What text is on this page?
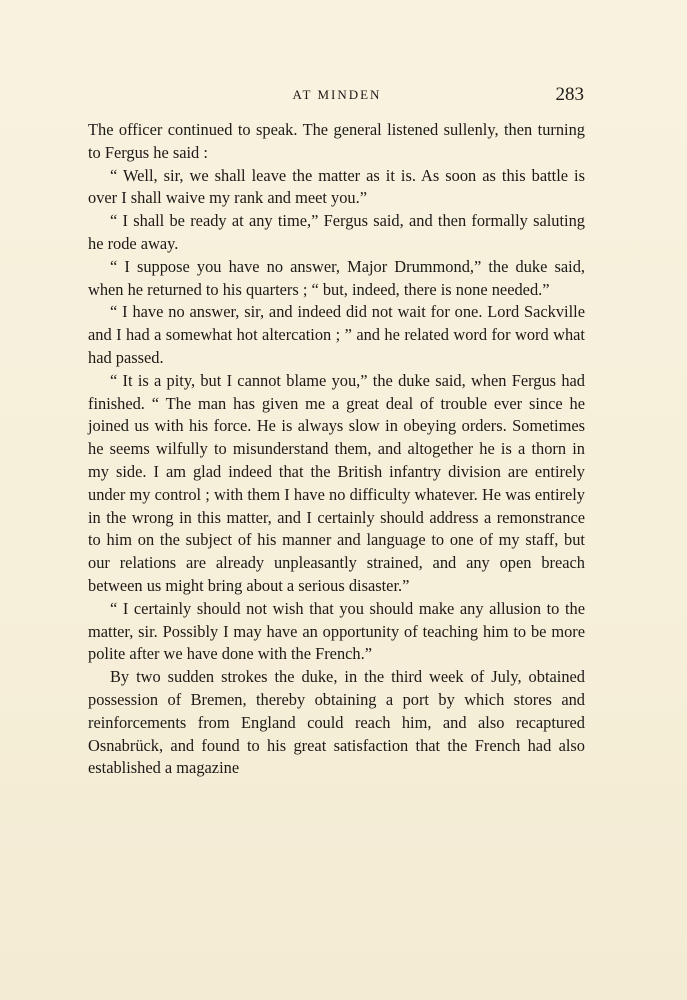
AT MINDEN	283

The officer continued to speak. The general listened sullenly, then turning to Fergus he said :

“ Well, sir, we shall leave the matter as it is. As soon as this battle is over I shall waive my rank and meet you.”

“ I shall be ready at any time,” Fergus said, and then formally saluting he rode away.

“ I suppose you have no answer, Major Drummond,” the duke said, when he returned to his quarters ; “ but, indeed, there is none needed.”

“ I have no answer, sir, and indeed did not wait for one. Lord Sackville and I had a somewhat hot altercation ; ” and he related word for word what had passed.

“ It is a pity, but I cannot blame you,” the duke said, when Fergus had finished. “ The man has given me a great deal of trouble ever since he joined us with his force. He is always slow in obeying orders. Sometimes he seems wilfully to misunderstand them, and altogether he is a thorn in my side. I am glad indeed that the British infantry division are entirely under my control ; with them I have no difficulty whatever. He was entirely in the wrong in this matter, and I certainly should address a remonstrance to him on the subject of his manner and language to one of my staff, but our relations are already unpleasantly strained, and any open breach between us might bring about a serious disaster.”

“ I certainly should not wish that you should make any allusion to the matter, sir. Possibly I may have an opportunity of teaching him to be more polite after we have done with the French.”

By two sudden strokes the duke, in the third week of July, obtained possession of Bremen, thereby obtaining a port by which stores and reinforcements from England could reach him, and also recaptured Osnabrück, and found to his great satisfaction that the French had also established a magazine
